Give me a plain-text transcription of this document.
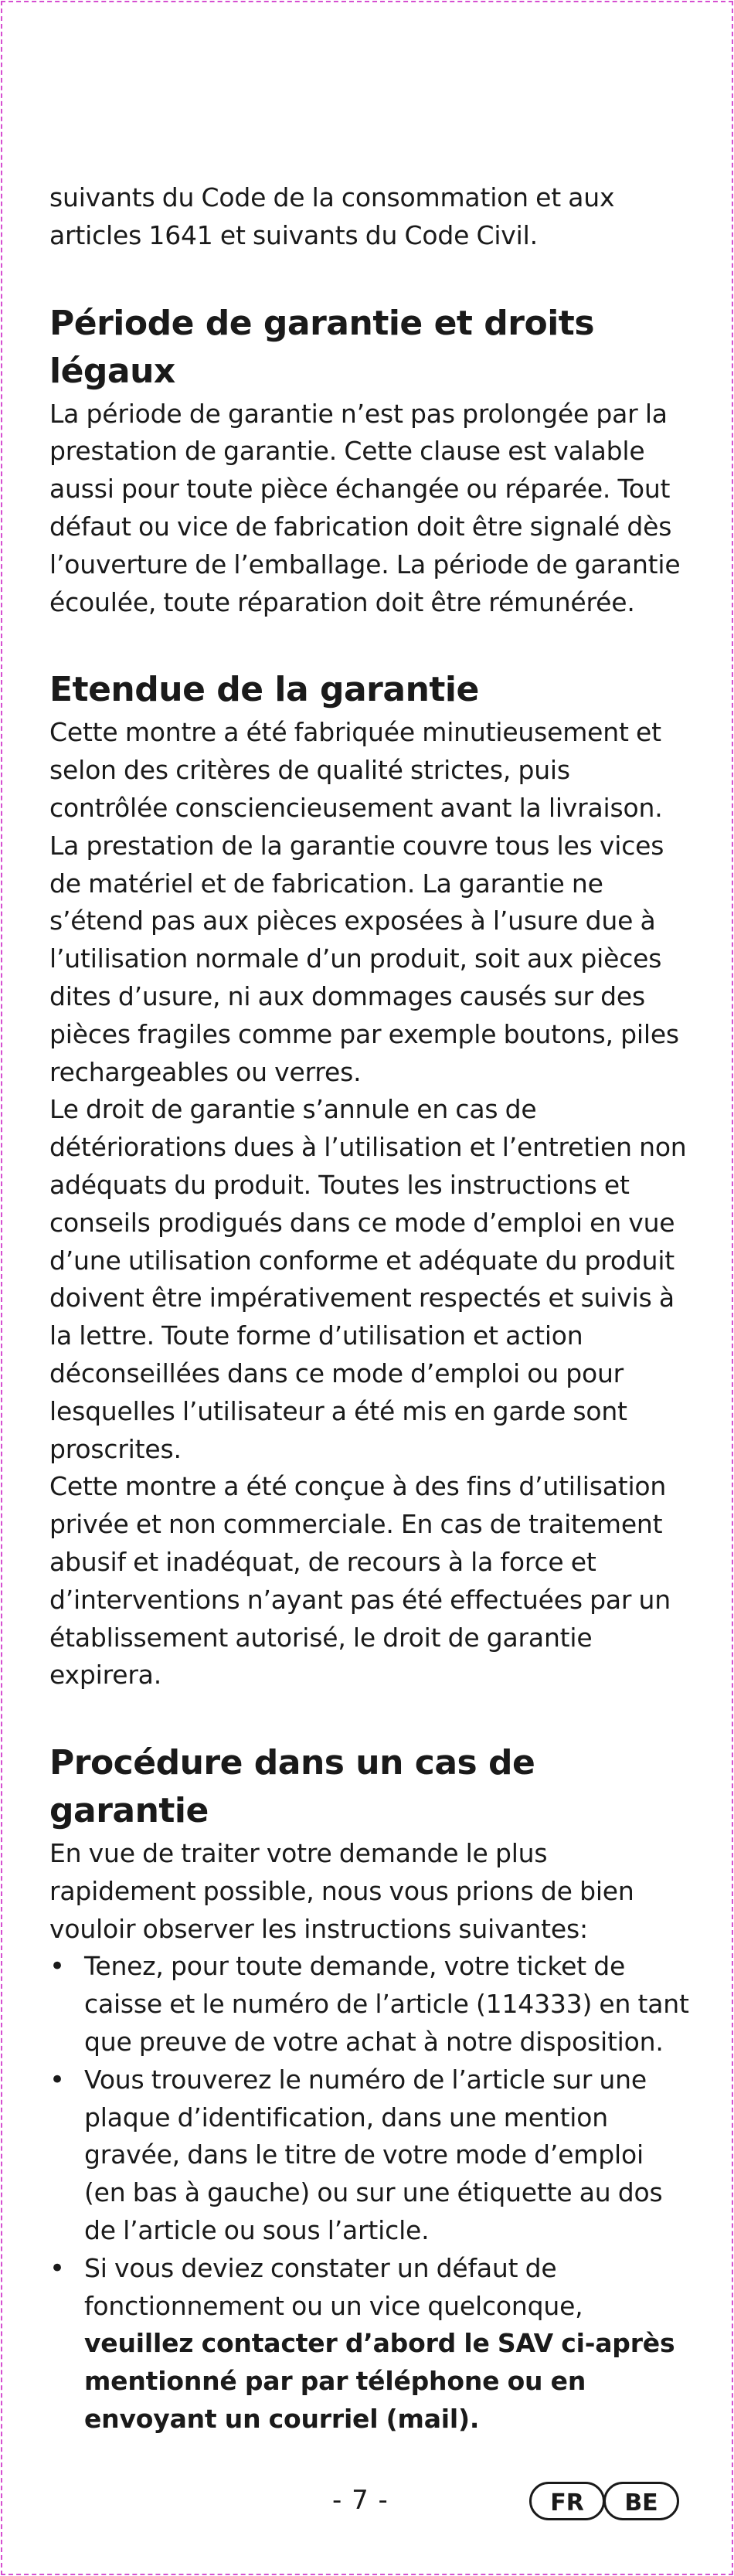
suivants du Code de la consommation et aux articles 1641 et suivants du Code Civil.

Période de garantie et droits légaux

La période de garantie n’est pas prolongée par la prestation de garantie. Cette clause est valable aussi pour toute pièce échangée ou réparée. Tout défaut ou vice de fabrication doit être signalé dès l’ouverture de l’emballage. La période de garantie écoulée, toute réparation doit être rémunérée.

Etendue de la garantie

Cette montre a été fabriquée minutieusement et selon des critères de qualité strictes, puis contrôlée consciencieusement avant la livraison. La prestation de la garantie couvre tous les vices de matériel et de fabrication. La garantie ne s’étend pas aux pièces exposées à l’usure due à l’utilisation normale d’un produit, soit aux pièces dites d’usure, ni aux dommages causés sur des pièces fragiles comme par exemple boutons, piles rechargeables ou verres.

Le droit de garantie s’annule en cas de détériorations dues à l’utilisation et l’entretien non adéquats du produit. Toutes les instructions et conseils prodigués dans ce mode d’emploi en vue d’une utilisation conforme et adéquate du produit doivent être impérativement respectés et suivis à la lettre. Toute forme d’utilisation et action déconseillées dans ce mode d’emploi ou pour lesquelles l’utilisateur a été mis en garde sont proscrites.

Cette montre a été conçue à des fins d’utilisation privée et non commerciale. En cas de traitement abusif et inadéquat, de recours à la force et d’interventions n’ayant pas été effectuées par un établissement autorisé, le droit de garantie expirera.

Procédure dans un cas de garantie

En vue de traiter votre demande le plus rapidement possible, nous vous prions de bien vouloir observer les instructions suivantes:

• Tenez, pour toute demande, votre ticket de caisse et le numéro de l’article (114333) en tant que preuve de votre achat à notre disposition.
• Vous trouverez le numéro de l’article sur une plaque d’identification, dans une mention gravée, dans le titre de votre mode d’emploi (en bas à gauche) ou sur une étiquette au dos de l’article ou sous l’article.
• Si vous deviez constater un défaut de fonctionnement ou un vice quelconque, veuillez contacter d’abord le SAV ci-après mentionné par par téléphone ou en envoyant un courriel (mail).
- 7 -	FR	BE
